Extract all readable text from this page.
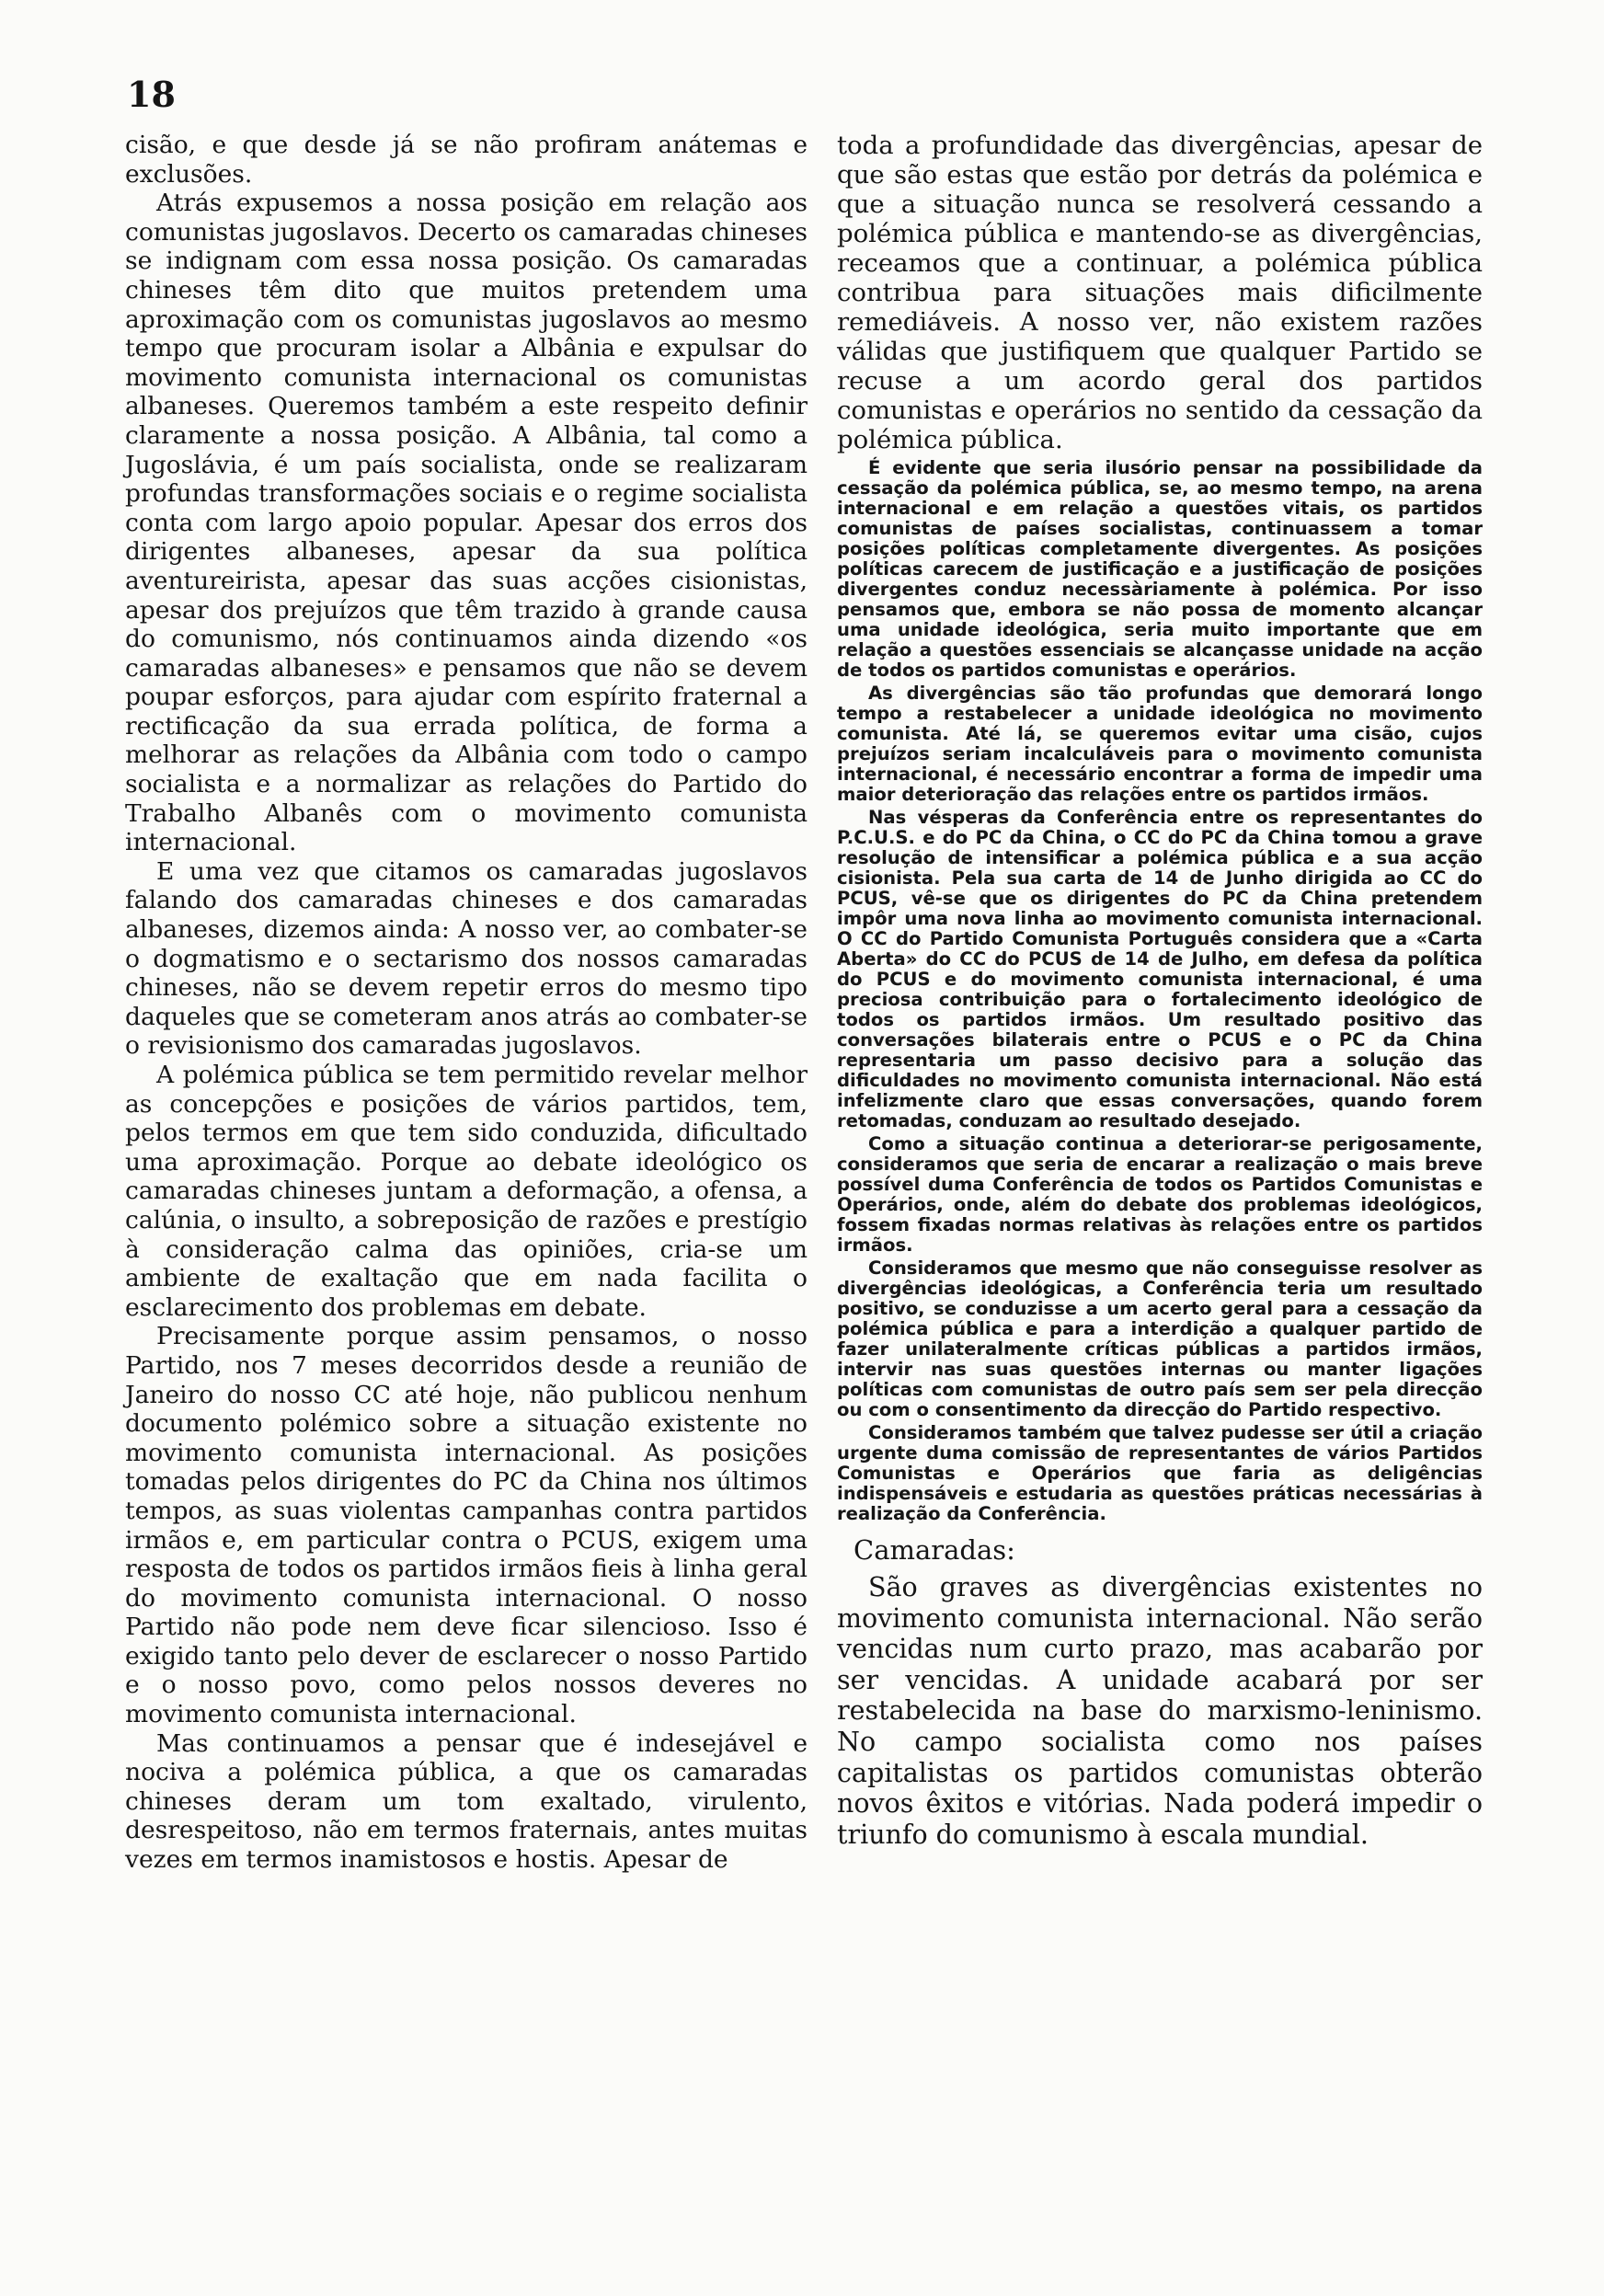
18

cisão, e que desde já se não profiram anátemas e exclusões.

Atrás expusemos a nossa posição em relação aos comunistas jugoslavos. Decerto os camaradas chineses se indignam com essa nossa posição. Os camaradas chineses têm dito que muitos pretendem uma aproximação com os comunistas jugoslavos ao mesmo tempo que procuram isolar a Albânia e expulsar do movimento comunista internacional os comunistas albaneses. Queremos também a este respeito definir claramente a nossa posição. A Albânia, tal como a Jugoslávia, é um país socialista, onde se realizaram profundas transformações sociais e o regime socialista conta com largo apoio popular. Apesar dos erros dos dirigentes albaneses, apesar da sua política aventureirista, apesar das suas acções cisionistas, apesar dos prejuízos que têm trazido à grande causa do comunismo, nós continuamos ainda dizendo «os camaradas albaneses» e pensamos que não se devem poupar esforços, para ajudar com espírito fraternal a rectificação da sua errada política, de forma a melhorar as relações da Albânia com todo o campo socialista e a normalizar as relações do Partido do Trabalho Albanês com o movimento comunista internacional.

E uma vez que citamos os camaradas jugoslavos falando dos camaradas chineses e dos camaradas albaneses, dizemos ainda: A nosso ver, ao combater-se o dogmatismo e o sectarismo dos nossos camaradas chineses, não se devem repetir erros do mesmo tipo daqueles que se cometeram anos atrás ao combater-se o revisionismo dos camaradas jugoslavos.

A polémica pública se tem permitido revelar melhor as concepções e posições de vários partidos, tem, pelos termos em que tem sido conduzida, dificultado uma aproximação. Porque ao debate ideológico os camaradas chineses juntam a deformação, a ofensa, a calúnia, o insulto, a sobreposição de razões e prestígio à consideração calma das opiniões, cria-se um ambiente de exaltação que em nada facilita o esclarecimento dos problemas em debate.

Precisamente porque assim pensamos, o nosso Partido, nos 7 meses decorridos desde a reunião de Janeiro do nosso CC até hoje, não publicou nenhum documento polémico sobre a situação existente no movimento comunista internacional. As posições tomadas pelos dirigentes do PC da China nos últimos tempos, as suas violentas campanhas contra partidos irmãos e, em particular contra o PCUS, exigem uma resposta de todos os partidos irmãos fieis à linha geral do movimento comunista internacional. O nosso Partido não pode nem deve ficar silencioso. Isso é exigido tanto pelo dever de esclarecer o nosso Partido e o nosso povo, como pelos nossos deveres no movimento comunista internacional.

Mas continuamos a pensar que é indesejável e nociva a polémica pública, a que os camaradas chineses deram um tom exaltado, virulento, desrespeitoso, não em termos fraternais, antes muitas vezes em termos inamistosos e hostis. Apesar de

toda a profundidade das divergências, apesar de que são estas que estão por detrás da polémica e que a situação nunca se resolverá cessando a polémica pública e mantendo-se as divergências, receamos que a continuar, a polémica pública contribua para situações mais dificilmente remediáveis. A nosso ver, não existem razões válidas que justifiquem que qualquer Partido se recuse a um acordo geral dos partidos comunistas e operários no sentido da cessação da polémica pública.

É evidente que seria ilusório pensar na possibilidade da cessação da polémica pública, se, ao mesmo tempo, na arena internacional e em relação a questões vitais, os partidos comunistas de países socialistas, continuassem a tomar posições políticas completamente divergentes. As posições políticas carecem de justificação e a justificação de posições divergentes conduz necessàriamente à polémica. Por isso pensamos que, embora se não possa de momento alcançar uma unidade ideológica, seria muito importante que em relação a questões essenciais se alcançasse unidade na acção de todos os partidos comunistas e operários.

As divergências são tão profundas que demorará longo tempo a restabelecer a unidade ideológica no movimento comunista. Até lá, se queremos evitar uma cisão, cujos prejuízos seriam incalculáveis para o movimento comunista internacional, é necessário encontrar a forma de impedir uma maior deterioração das relações entre os partidos irmãos.

Nas vésperas da Conferência entre os representantes do P.C.U.S. e do PC da China, o CC do PC da China tomou a grave resolução de intensificar a polémica pública e a sua acção cisionista. Pela sua carta de 14 de Junho dirigida ao CC do PCUS, vê-se que os dirigentes do PC da China pretendem impôr uma nova linha ao movimento comunista internacional. O CC do Partido Comunista Português considera que a «Carta Aberta» do CC do PCUS de 14 de Julho, em defesa da política do PCUS e do movimento comunista internacional, é uma preciosa contribuição para o fortalecimento ideológico de todos os partidos irmãos. Um resultado positivo das conversações bilaterais entre o PCUS e o PC da China representaria um passo decisivo para a solução das dificuldades no movimento comunista internacional. Não está infelizmente claro que essas conversações, quando forem retomadas, conduzam ao resultado desejado.

Como a situação continua a deteriorar-se perigosamente, consideramos que seria de encarar a realização o mais breve possível duma Conferência de todos os Partidos Comunistas e Operários, onde, além do debate dos problemas ideológicos, fossem fixadas normas relativas às relações entre os partidos irmãos.

Consideramos que mesmo que não conseguisse resolver as divergências ideológicas, a Conferência teria um resultado positivo, se conduzisse a um acerto geral para a cessação da polémica pública e para a interdição a qualquer partido de fazer unilateralmente críticas públicas a partidos irmãos, intervir nas suas questões internas ou manter ligações políticas com comunistas de outro país sem ser pela direcção ou com o consentimento da direcção do Partido respectivo.

Consideramos também que talvez pudesse ser útil a criação urgente duma comissão de representantes de vários Partidos Comunistas e Operários que faria as deligências indispensáveis e estudaria as questões práticas necessárias à realização da Conferência.

Camaradas:

São graves as divergências existentes no movimento comunista internacional. Não serão vencidas num curto prazo, mas acabarão por ser vencidas. A unidade acabará por ser restabelecida na base do marxismo-leninismo. No campo socialista como nos países capitalistas os partidos comunistas obterão novos êxitos e vitórias. Nada poderá impedir o triunfo do comunismo à escala mundial.
